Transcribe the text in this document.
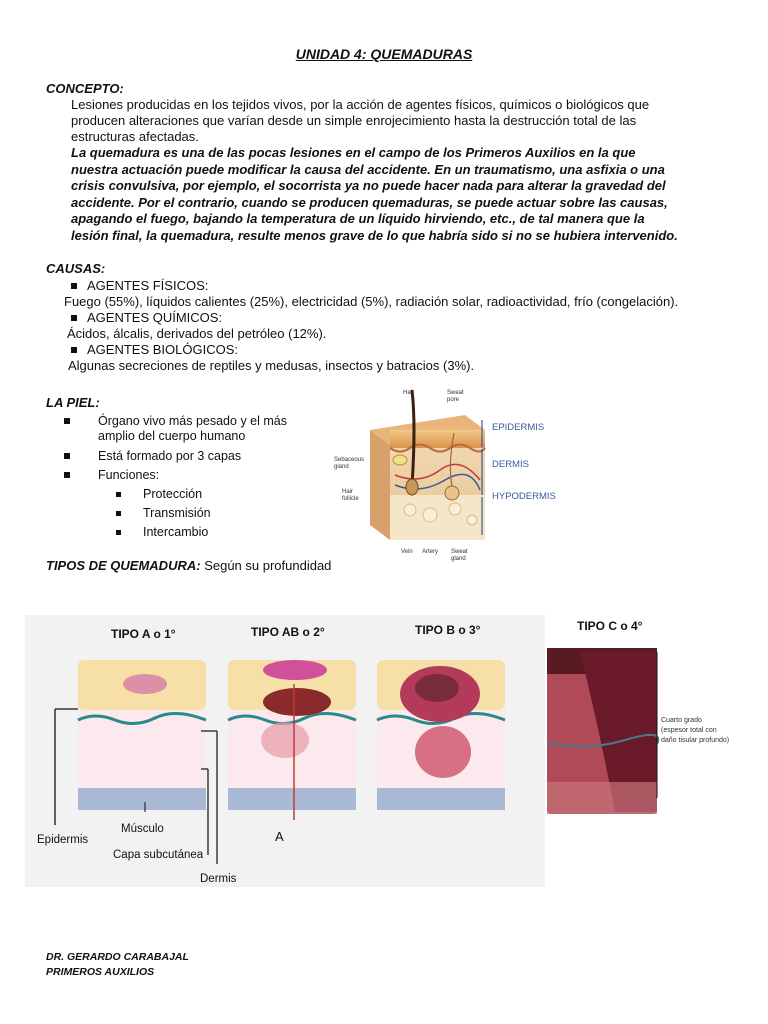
UNIDAD 4: QUEMADURAS
CONCEPTO:
Lesiones producidas en los tejidos vivos, por la acción de agentes físicos, químicos o biológicos que
producen alteraciones que varían desde un simple enrojecimiento hasta la destrucción total de las
estructuras afectadas.
La quemadura es una de las pocas lesiones en el campo de los Primeros Auxilios en la que
nuestra actuación puede modificar la causa del accidente. En un traumatismo, una asfixia o una
crisis convulsiva, por ejemplo, el socorrista ya no puede hacer nada para alterar la gravedad del
accidente. Por el contrario, cuando se producen quemaduras, se puede actuar sobre las causas,
apagando el fuego, bajando la temperatura de un líquido hirviendo, etc., de tal manera que la
lesión final, la quemadura, resulte menos grave de lo que habría sido si no se hubiera intervenido.
CAUSAS:
AGENTES FÍSICOS:
Fuego (55%), líquidos calientes (25%), electricidad (5%), radiación solar, radioactividad, frío (congelación).
AGENTES QUÍMICOS:
Ácidos, álcalis, derivados del petróleo (12%).
AGENTES BIOLÓGICOS:
Algunas secreciones de reptiles y medusas, insectos y batracios (3%).
LA PIEL:
Órgano vivo más pesado y el más
amplio del cuerpo humano
Está formado por 3 capas
Funciones:
Protección
Transmisión
Intercambio
EPIDERMIS
DERMIS
HYPODERMIS
Hair	Sweat
pore
Sebaceous
gland
Hair
follicle
Vein Artery Sweat
gland
TIPOS DE QUEMADURA: Según su profundidad
TIPO A o 1°	TIPO AB o 2°	TIPO B o 3°
Epidermis
Músculo
Capa subcutánea
Dermis
A
TIPO C o 4°
Cuarto grado
(espesor total con
daño tisular profundo)
DR. GERARDO CARABAJAL
PRIMEROS AUXILIOS
